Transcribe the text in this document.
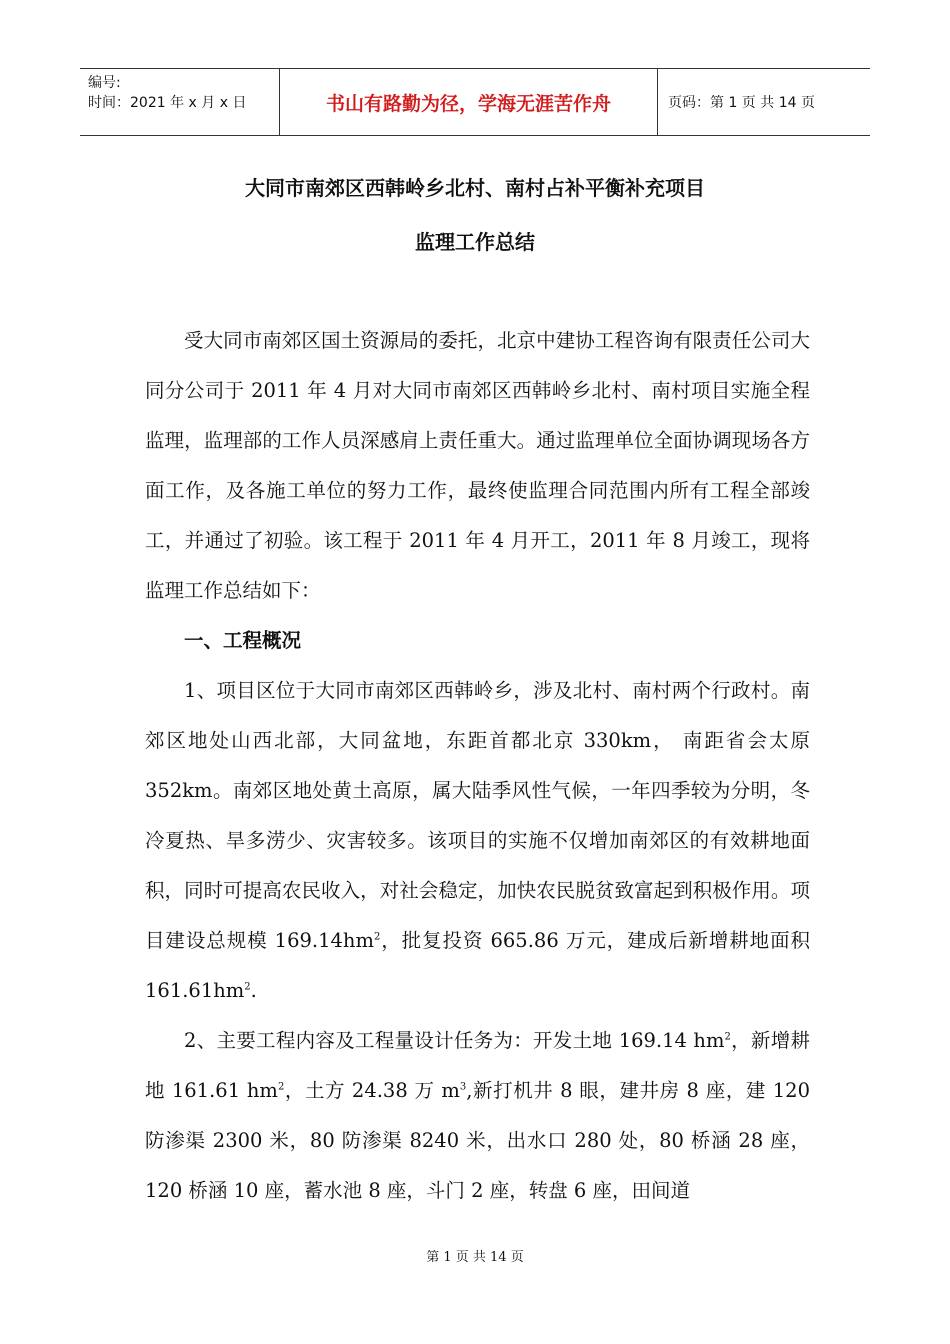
编号:
时间：2021 年 x 月 x 日	书山有路勤为径，学海无涯苦作舟	页码：第 1 页 共 14 页
大同市南郊区西韩岭乡北村、南村占补平衡补充项目
监理工作总结

受大同市南郊区国土资源局的委托，北京中建协工程咨询有限责任公司大同分公司于 2011 年 4 月对大同市南郊区西韩岭乡北村、南村项目实施全程监理，监理部的工作人员深感肩上责任重大。通过监理单位全面协调现场各方面工作，及各施工单位的努力工作，最终使监理合同范围内所有工程全部竣工，并通过了初验。该工程于 2011 年 4 月开工，2011 年 8 月竣工，现将监理工作总结如下：

一、工程概况

1、项目区位于大同市南郊区西韩岭乡，涉及北村、南村两个行政村。南郊区地处山西北部，大同盆地，东距首都北京 330km， 南距省会太原 352km。南郊区地处黄土高原，属大陆季风性气候，一年四季较为分明，冬冷夏热、旱多涝少、灾害较多。该项目的实施不仅增加南郊区的有效耕地面积，同时可提高农民收入，对社会稳定，加快农民脱贫致富起到积极作用。项目建设总规模 $169.14hm^2$，批复投资 665.86 万元，建成后新增耕地面积 $161.61hm^2$.

2、主要工程内容及工程量设计任务为：开发土地 169.14 $hm^2$，新增耕地 161.61 $hm^2$，土方 24.38 万 $m^3$,新打机井 8 眼，建井房 8 座，建 120 防渗渠 2300 米，80 防渗渠 8240 米，出水口 280 处，80 桥涵 28 座，120 桥涵 10 座，蓄水池 8 座，斗门 2 座，转盘 6 座，田间道

第 1 页 共 14 页
